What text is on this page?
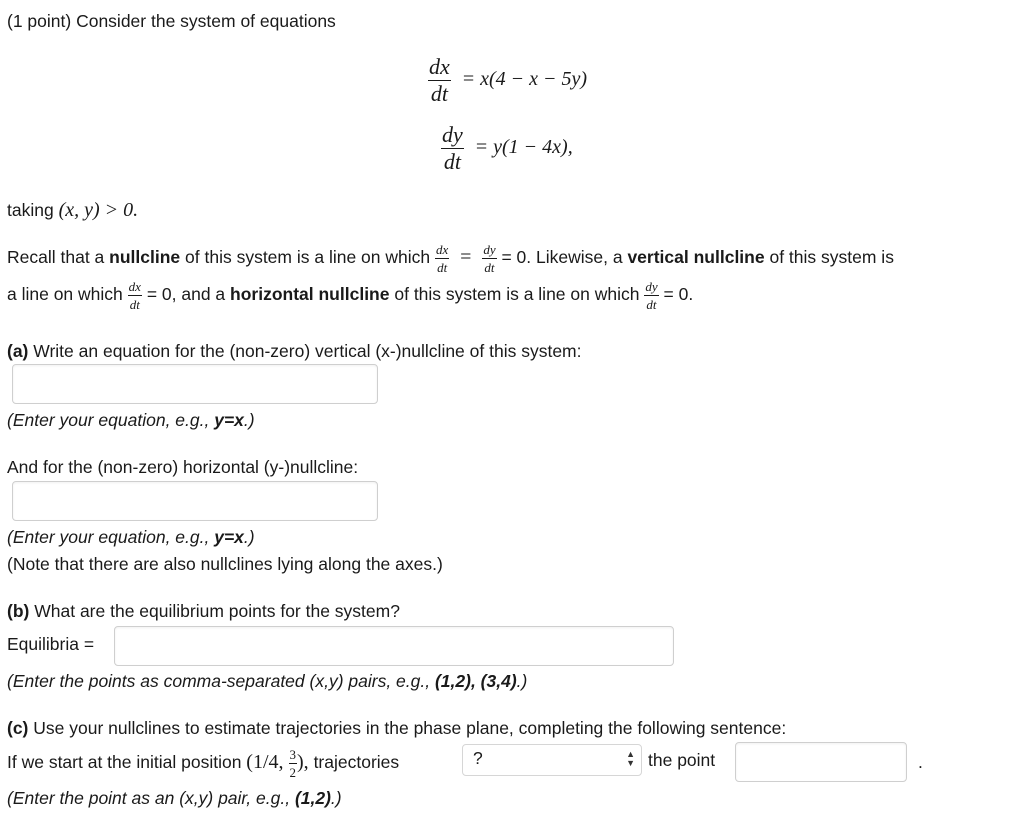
(1 point) Consider the system of equations
$\frac{dx}{dt} = x(4 - x - 5y)$
$\frac{dy}{dt} = y(1 - 4x)$,
taking (x, y) > 0.
Recall that a nullcline of this system is a line on which $\frac{dx}{dt} = \frac{dy}{dt} = 0$. Likewise, a vertical nullcline of this system is
a line on which $\frac{dx}{dt} = 0$, and a horizontal nullcline of this system is a line on which $\frac{dy}{dt} = 0$.
(a) Write an equation for the (non-zero) vertical (x-)nullcline of this system:
(Enter your equation, e.g., y=x.)
And for the (non-zero) horizontal (y-)nullcline:
(Enter your equation, e.g., y=x.)
(Note that there are also nullclines lying along the axes.)
(b) What are the equilibrium points for the system?
Equilibria =
(Enter the points as comma-separated (x,y) pairs, e.g., (1,2), (3,4).)
(c) Use your nullclines to estimate trajectories in the phase plane, completing the following sentence:
If we start at the initial position (1/4, $\frac{3}{2}$ ), trajectories	?	▲
▼ the point	.
(Enter the point as an (x,y) pair, e.g., (1,2).)
